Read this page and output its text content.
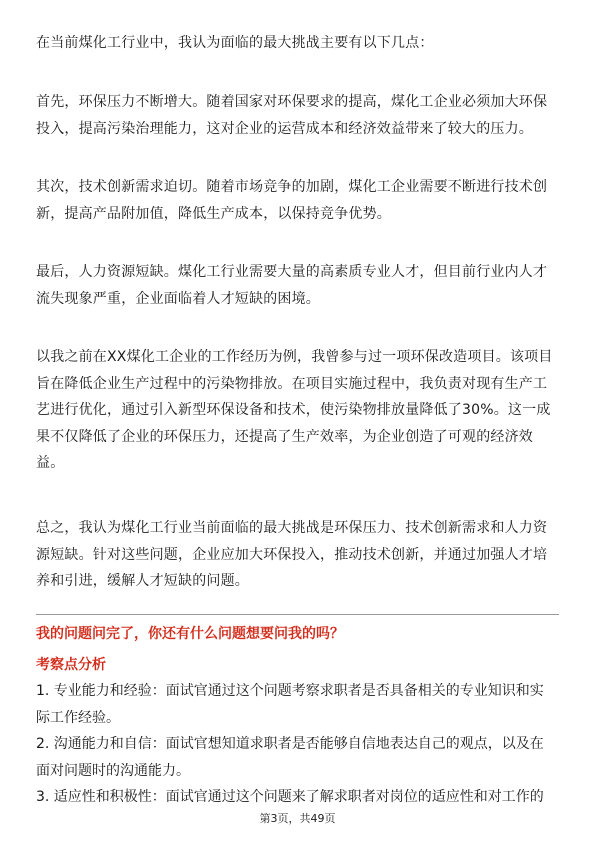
在当前煤化工行业中，我认为面临的最大挑战主要有以下几点：
首先，环保压力不断增大。随着国家对环保要求的提高，煤化工企业必须加大环保
投入，提高污染治理能力，这对企业的运营成本和经济效益带来了较大的压力。
其次，技术创新需求迫切。随着市场竞争的加剧，煤化工企业需要不断进行技术创
新，提高产品附加值，降低生产成本，以保持竞争优势。
最后，人力资源短缺。煤化工行业需要大量的高素质专业人才，但目前行业内人才
流失现象严重，企业面临着人才短缺的困境。
以我之前在XX煤化工企业的工作经历为例，我曾参与过一项环保改造项目。该项目
旨在降低企业生产过程中的污染物排放。在项目实施过程中，我负责对现有生产工
艺进行优化，通过引入新型环保设备和技术，使污染物排放量降低了30%。这一成
果不仅降低了企业的环保压力，还提高了生产效率，为企业创造了可观的经济效
益。
总之，我认为煤化工行业当前面临的最大挑战是环保压力、技术创新需求和人力资
源短缺。针对这些问题，企业应加大环保投入，推动技术创新，并通过加强人才培
养和引进，缓解人才短缺的问题。
我的问题问完了，你还有什么问题想要问我的吗？
考察点分析
1. 专业能力和经验：面试官通过这个问题考察求职者是否具备相关的专业知识和实
际工作经验。
2. 沟通能力和自信：面试官想知道求职者是否能够自信地表达自己的观点，以及在
面对问题时的沟通能力。
3. 适应性和积极性：面试官通过这个问题来了解求职者对岗位的适应性和对工作的
第3页，共49页
